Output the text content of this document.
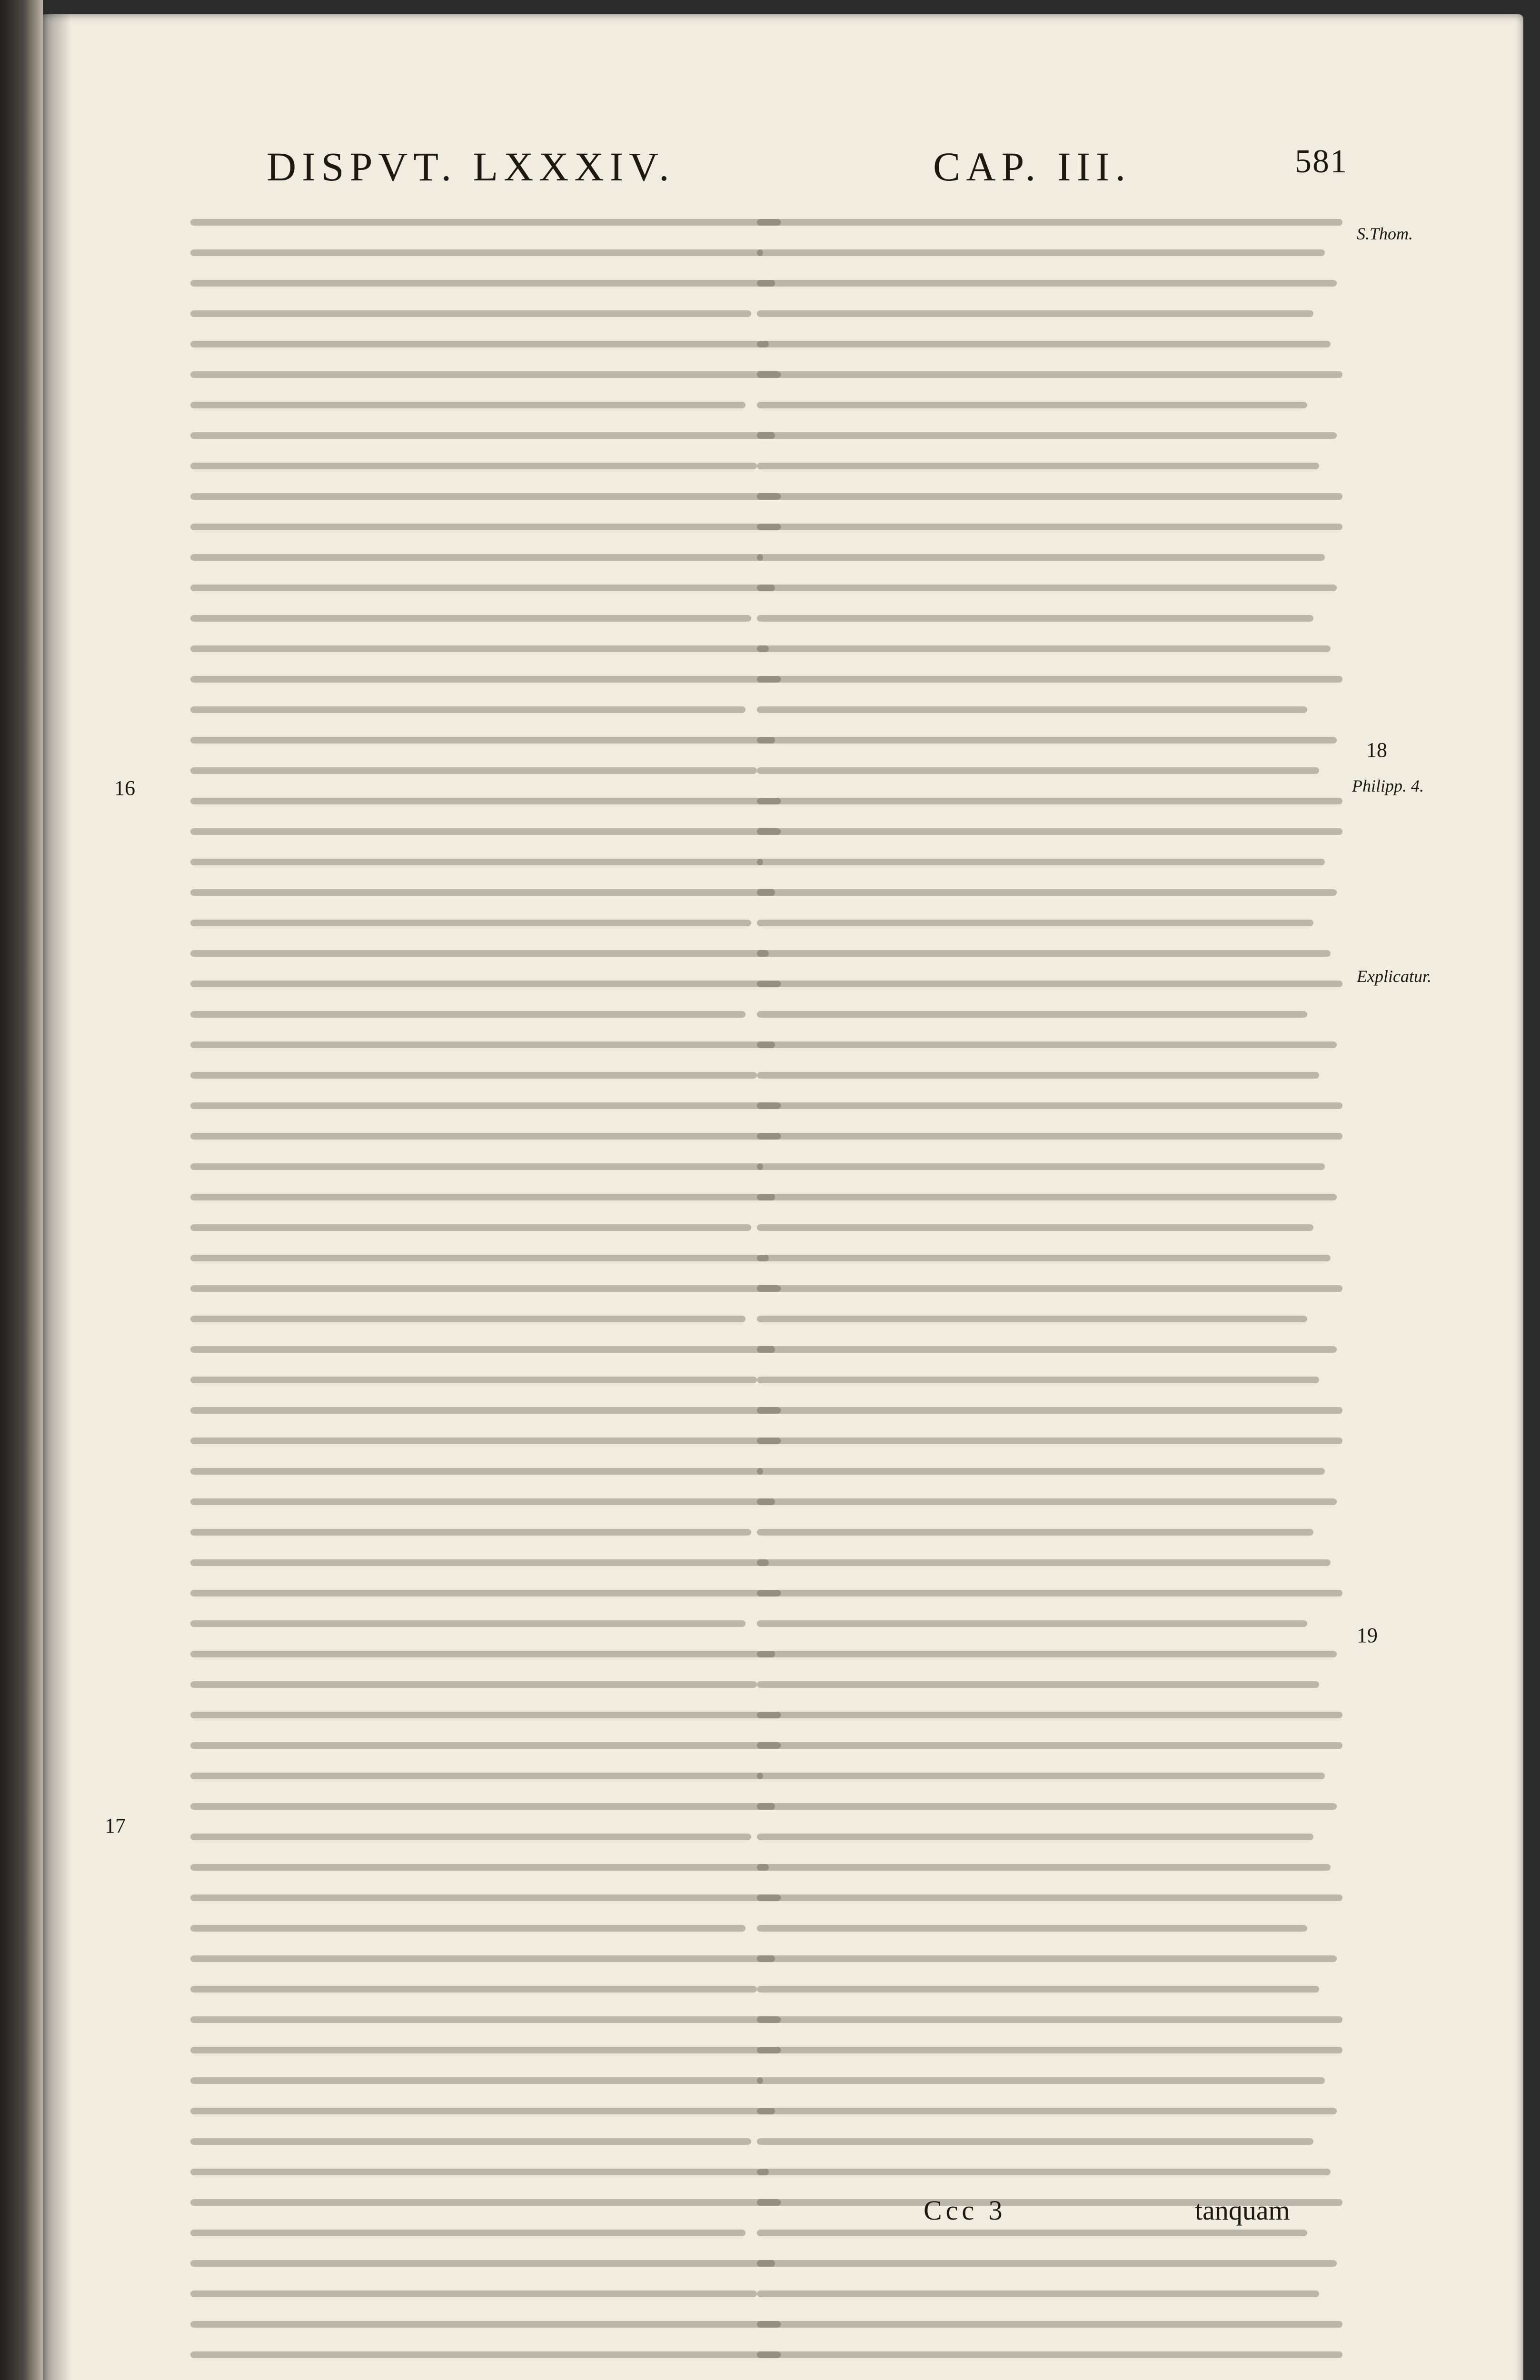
DISPVT. LXXXIV.	CAP. III.	581
S.Thom.
18
Philipp. 4.
Explicatur.
19
16
17
Ccc 3	tanquam
